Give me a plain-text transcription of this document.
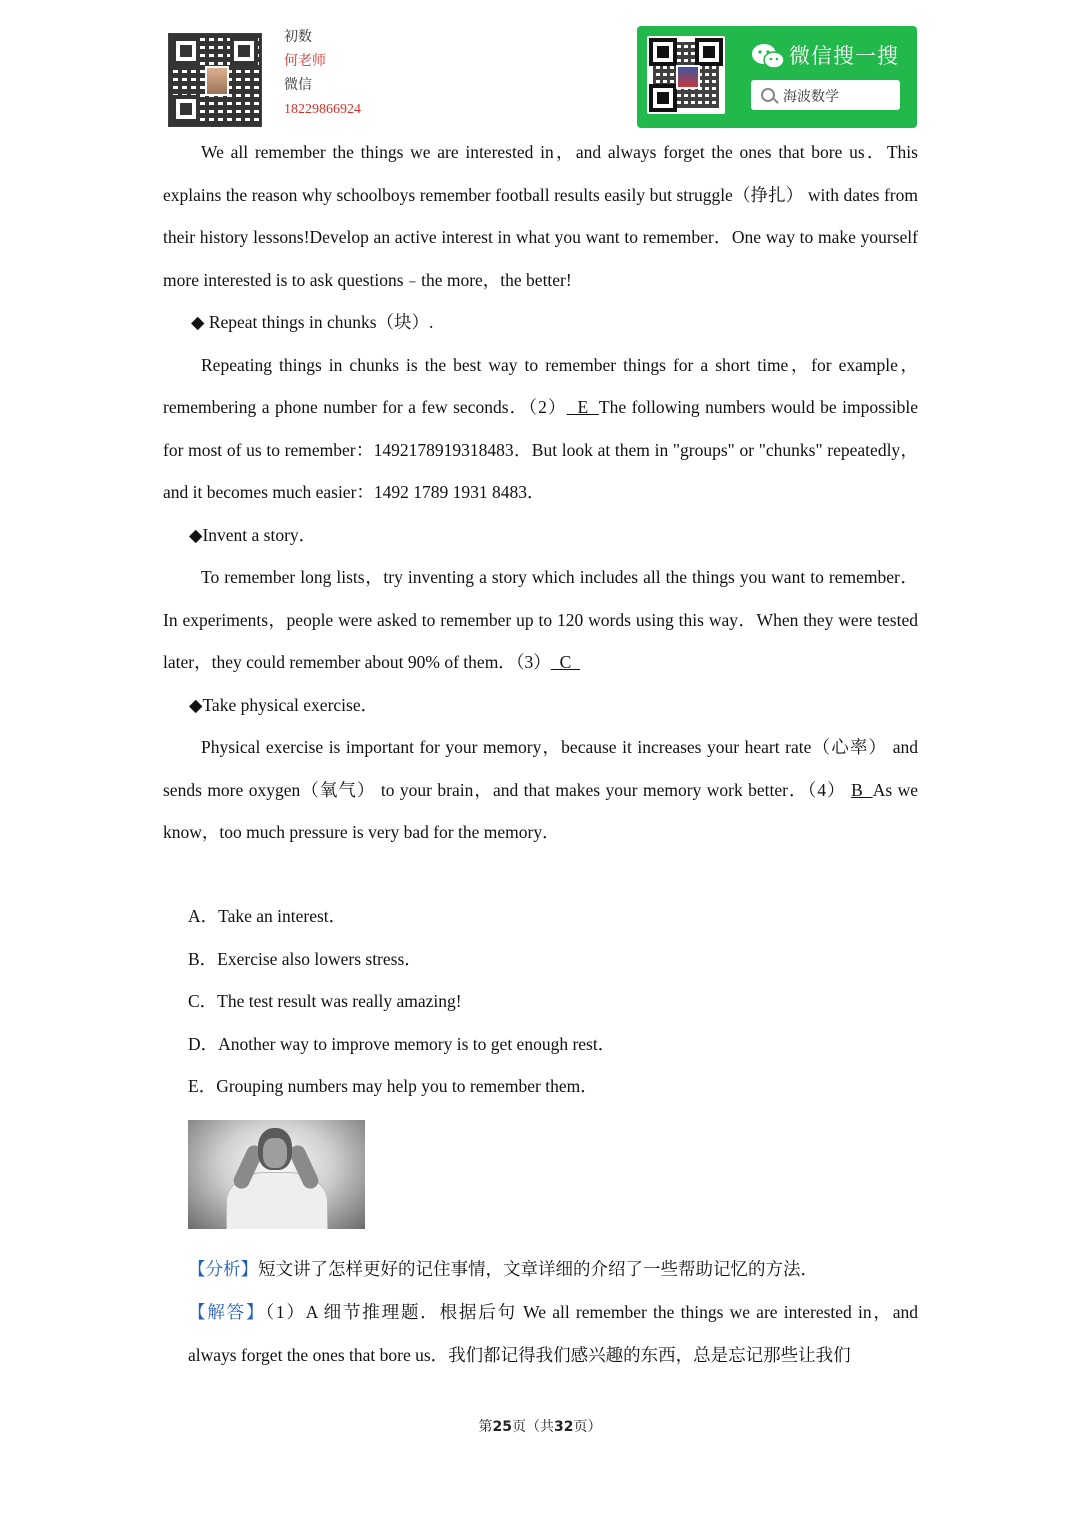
初数
何老师
微信
18229866924
微信搜一搜
海波数学

We all remember the things we are interested in，and always forget the ones that bore us．This explains the reason why schoolboys remember football results easily but struggle（挣扎） with dates from their history lessons!Develop an active interest in what you want to remember．One way to make yourself more interested is to ask questions﹣the more，the better!

◆ Repeat things in chunks（块）.

Repeating things in chunks is the best way to remember things for a short time，for example，remembering a phone number for a few seconds．（2）  E  The following numbers would be impossible for most of us to remember：1492178919318483．But look at them in "groups" or "chunks" repeatedly，and it becomes much easier：1492 1789 1931 8483．

◆Invent a story．

To remember long lists，try inventing a story which includes all the things you want to remember．In experiments，people were asked to remember up to 120 words using this way．When they were tested later，they could remember about 90% of them．（3）  C

◆Take physical exercise．

Physical exercise is important for your memory，because it increases your heart rate（心率） and sends more oxygen（氧气） to your brain，and that makes your memory work better．（4） B  As we know，too much pressure is very bad for the memory．

A．Take an interest．
B．Exercise also lowers stress．
C．The test result was really amazing!
D．Another way to improve memory is to get enough rest．
E．Grouping numbers may help you to remember them．

【分析】短文讲了怎样更好的记住事情，文章详细的介绍了一些帮助记忆的方法．

【解答】（1）A 细节推理题．根据后句 We all remember the things we are interested in，and always forget the ones that bore us．我们都记得我们感兴趣的东西，总是忘记那些让我们

第25页（共32页）
